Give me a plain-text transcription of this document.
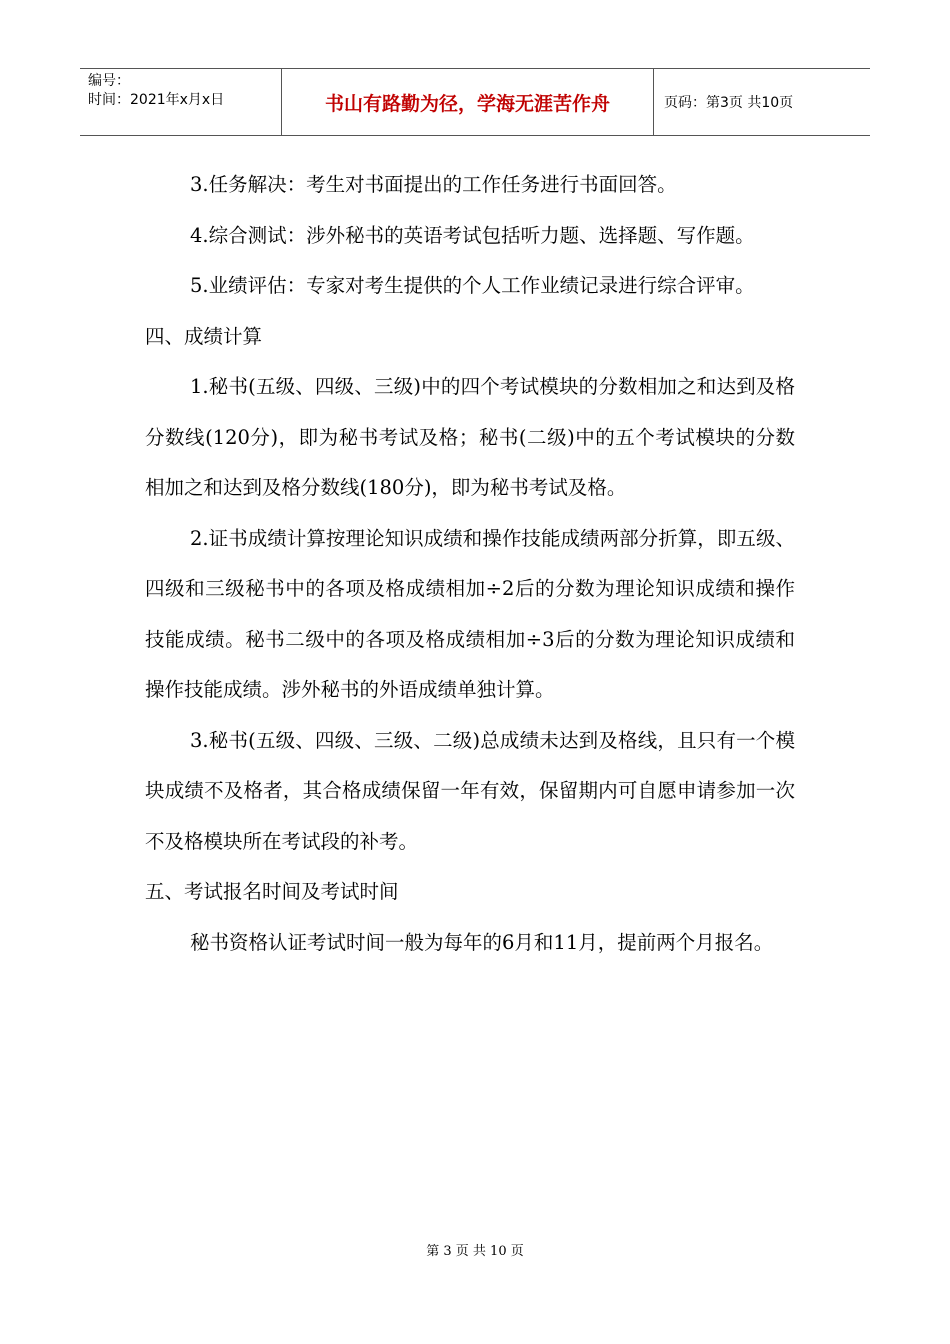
编号：
时间：2021年x月x日	书山有路勤为径，学海无涯苦作舟	页码：第3页 共10页

3.任务解决：考生对书面提出的工作任务进行书面回答。

4.综合测试：涉外秘书的英语考试包括听力题、选择题、写作题。

5.业绩评估：专家对考生提供的个人工作业绩记录进行综合评审。

四、成绩计算

1.秘书(五级、四级、三级)中的四个考试模块的分数相加之和达到及格分数线(120分)，即为秘书考试及格；秘书(二级)中的五个考试模块的分数相加之和达到及格分数线(180分)，即为秘书考试及格。

2.证书成绩计算按理论知识成绩和操作技能成绩两部分折算，即五级、四级和三级秘书中的各项及格成绩相加÷2后的分数为理论知识成绩和操作技能成绩。秘书二级中的各项及格成绩相加÷3后的分数为理论知识成绩和操作技能成绩。涉外秘书的外语成绩单独计算。

3.秘书(五级、四级、三级、二级)总成绩未达到及格线，且只有一个模块成绩不及格者，其合格成绩保留一年有效，保留期内可自愿申请参加一次不及格模块所在考试段的补考。

五、考试报名时间及考试时间

秘书资格认证考试时间一般为每年的6月和11月，提前两个月报名。

第 3 页 共 10 页
